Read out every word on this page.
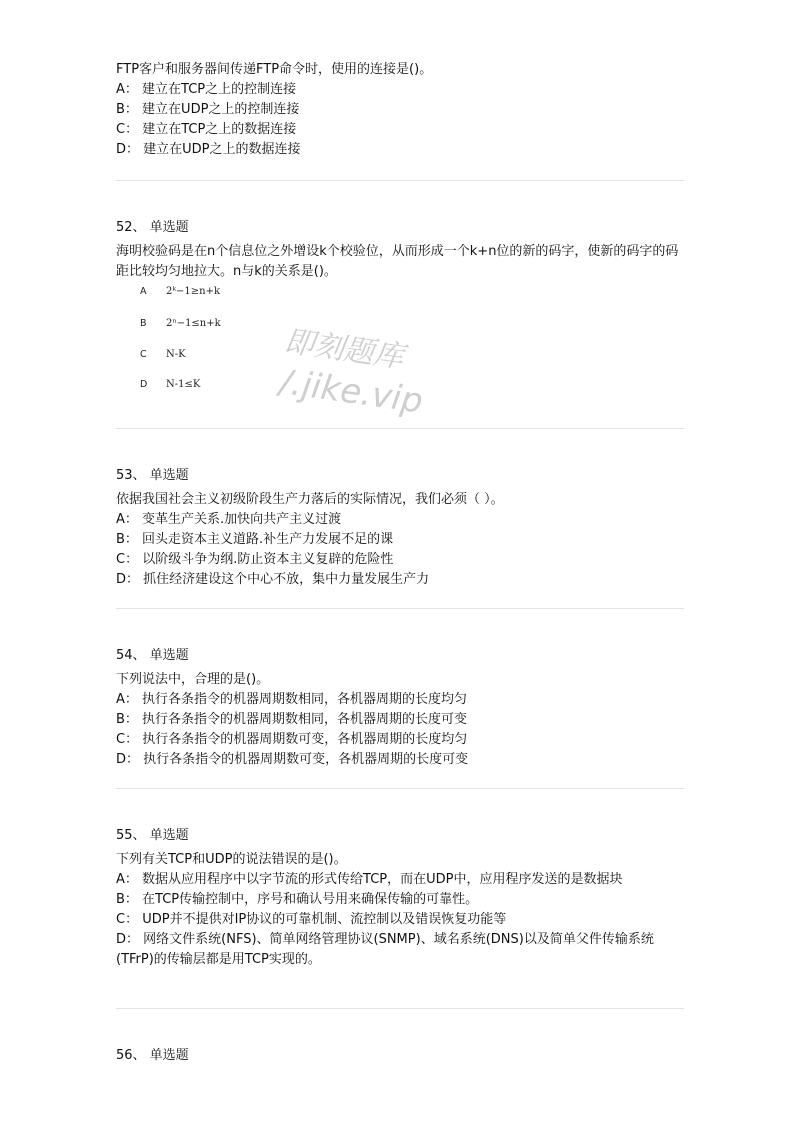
FTP客户和服务器间传递FTP命令时，使用的连接是()。
A： 建立在TCP之上的控制连接
B： 建立在UDP之上的控制连接
C： 建立在TCP之上的数据连接
D： 建立在UDP之上的数据连接
52、 单选题
海明校验码是在n个信息位之外增设k个校验位，从而形成一个k+n位的新的码字，使新的码字的码距比较均匀地拉大。n与k的关系是()。
A 2ᵏ−1≥n+k
B 2ⁿ−1≤n+k
C N-K
D N-1≤K
即刻题库
/.jike.vip
53、 单选题
依据我国社会主义初级阶段生产力落后的实际情况，我们必须（ ）。
A： 变革生产关系.加快向共产主义过渡
B： 回头走资本主义道路.补生产力发展不足的课
C： 以阶级斗争为纲.防止资本主义复辟的危险性
D： 抓住经济建设这个中心不放，集中力量发展生产力
54、 单选题
下列说法中，合理的是()。
A： 执行各条指令的机器周期数相同，各机器周期的长度均匀
B： 执行各条指令的机器周期数相同，各机器周期的长度可变
C： 执行各条指令的机器周期数可变，各机器周期的长度均匀
D： 执行各条指令的机器周期数可变，各机器周期的长度可变
55、 单选题
下列有关TCP和UDP的说法错误的是()。
A： 数据从应用程序中以字节流的形式传给TCP，而在UDP中，应用程序发送的是数据块
B： 在TCP传输控制中，序号和确认号用来确保传输的可靠性。
C： UDP并不提供对IP协议的可靠机制、流控制以及错误恢复功能等
D： 网络文件系统(NFS)、简单网络管理协议(SNMP)、域名系统(DNS)以及简单父件传输系统(TFrP)的传输层都是用TCP实现的。
56、 单选题
